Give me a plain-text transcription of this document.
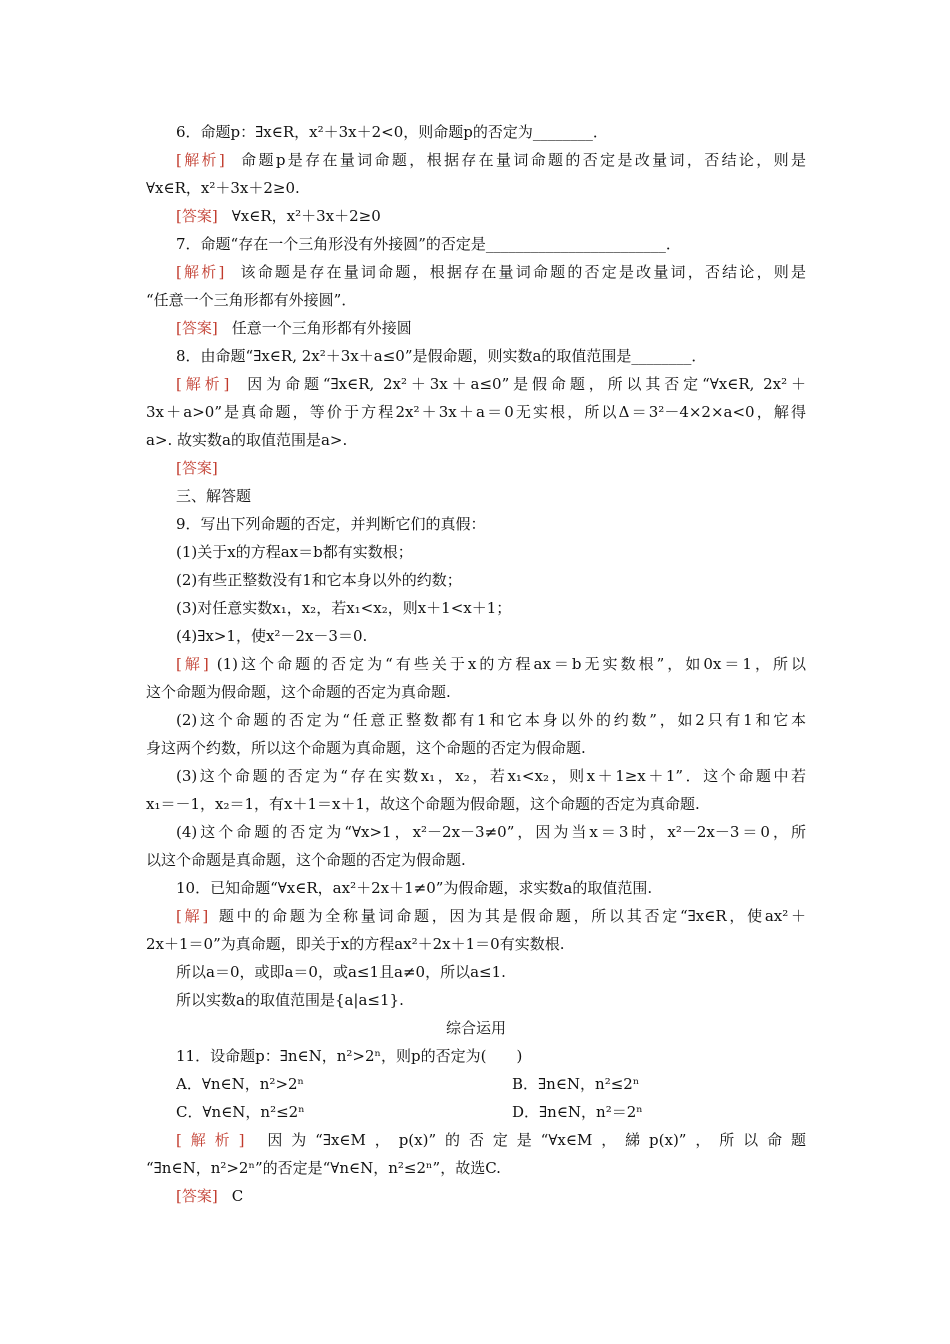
6．命题p：∃x∈R，x²＋3x＋2<0，则命题p的否定为________．
[解析] 命题p是存在量词命题，根据存在量词命题的否定是改量词，否结论，则是
∀x∈R，x²＋3x＋2≥0.
[答案] ∀x∈R，x²＋3x＋2≥0
7．命题“存在一个三角形没有外接圆”的否定是________________________．
[解析] 该命题是存在量词命题，根据存在量词命题的否定是改量词，否结论，则是
“任意一个三角形都有外接圆”．
[答案] 任意一个三角形都有外接圆
8．由命题“∃x∈R, 2x²＋3x＋a≤0”是假命题，则实数a的取值范围是________．
[解析] 因为命题“∃x∈R, 2x²＋3x＋a≤0”是假命题，所以其否定“∀x∈R, 2x²＋
3x＋a>0”是真命题，等价于方程2x²＋3x＋a＝0无实根，所以Δ＝3²－4×2×a<0，解得
a>. 故实数a的取值范围是a>.
[答案]
三、解答题
9．写出下列命题的否定，并判断它们的真假：
(1)关于x的方程ax＝b都有实数根；
(2)有些正整数没有1和它本身以外的约数；
(3)对任意实数x₁，x₂，若x₁<x₂，则x＋1<x＋1；
(4)∃x>1，使x²－2x－3＝0.
[解] (1)这个命题的否定为“有些关于x的方程ax＝b无实数根”，如0x＝1，所以
这个命题为假命题，这个命题的否定为真命题.
(2)这个命题的否定为“任意正整数都有1和它本身以外的约数”，如2只有1和它本
身这两个约数，所以这个命题为真命题，这个命题的否定为假命题.
(3)这个命题的否定为“存在实数x₁，x₂，若x₁<x₂，则x＋1≥x＋1”．这个命题中若
x₁＝－1，x₂＝1，有x＋1＝x＋1，故这个命题为假命题，这个命题的否定为真命题.
(4)这个命题的否定为“∀x>1，x²－2x－3≠0”，因为当x＝3时，x²－2x－3＝0，所
以这个命题是真命题，这个命题的否定为假命题.
10．已知命题“∀x∈R，ax²＋2x＋1≠0”为假命题，求实数a的取值范围.
[解] 题中的命题为全称量词命题，因为其是假命题，所以其否定“∃x∈R，使ax²＋
2x＋1＝0”为真命题，即关于x的方程ax²＋2x＋1＝0有实数根.
所以a＝0，或即a＝0，或a≤1且a≠0，所以a≤1.
所以实数a的取值范围是{a|a≤1}.
综合运用
11．设命题p：∃n∈N，n²>2ⁿ，则p的否定为(　　)
A．∀n∈N，n²>2ⁿ	B．∃n∈N，n²≤2ⁿ
C．∀n∈N，n²≤2ⁿ	D．∃n∈N，n²＝2ⁿ
[解析] 因为“∃x∈M，p(x)”的否定是“∀x∈M，綈p(x)”，所以命题
“∃n∈N，n²>2ⁿ”的否定是“∀n∈N，n²≤2ⁿ”，故选C.
[答案] C
